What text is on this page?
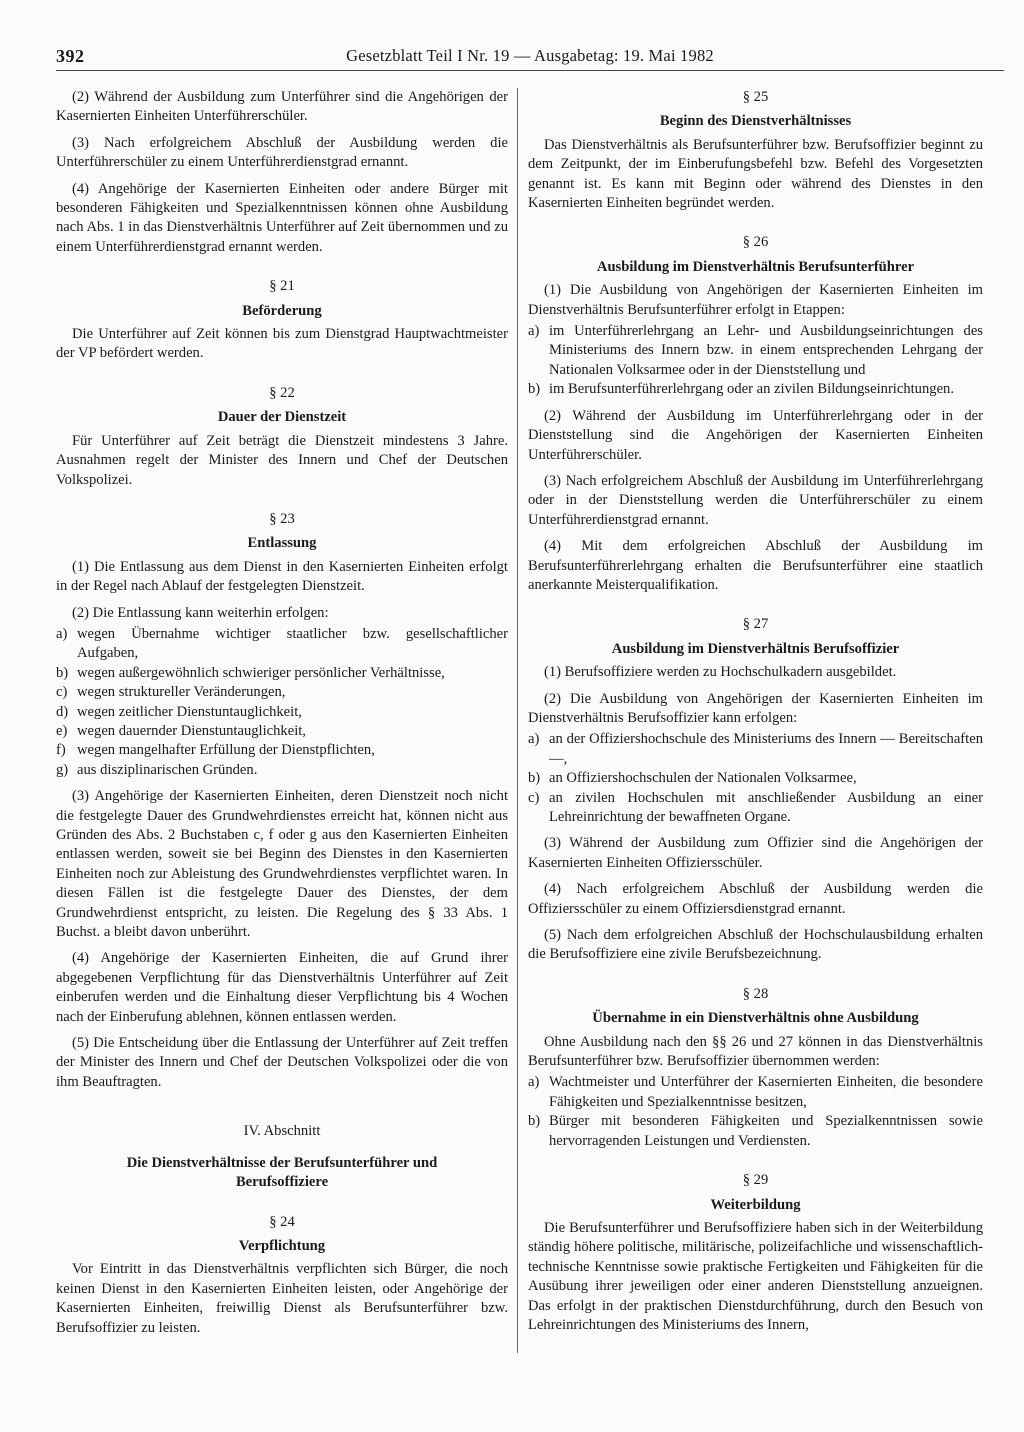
392	Gesetzblatt Teil I Nr. 19 — Ausgabetag: 19. Mai 1982

(2) Während der Ausbildung zum Unterführer sind die Angehörigen der Kasernierten Einheiten Unterführerschüler.

(3) Nach erfolgreichem Abschluß der Ausbildung werden die Unterführerschüler zu einem Unterführerdienstgrad ernannt.

(4) Angehörige der Kasernierten Einheiten oder andere Bürger mit besonderen Fähigkeiten und Spezialkenntnissen können ohne Ausbildung nach Abs. 1 in das Dienstverhältnis Unterführer auf Zeit übernommen und zu einem Unterführerdienstgrad ernannt werden.

§ 21

Beförderung

Die Unterführer auf Zeit können bis zum Dienstgrad Hauptwachtmeister der VP befördert werden.

§ 22

Dauer der Dienstzeit

Für Unterführer auf Zeit beträgt die Dienstzeit mindestens 3 Jahre. Ausnahmen regelt der Minister des Innern und Chef der Deutschen Volkspolizei.

§ 23

Entlassung

(1) Die Entlassung aus dem Dienst in den Kasernierten Einheiten erfolgt in der Regel nach Ablauf der festgelegten Dienstzeit.

(2) Die Entlassung kann weiterhin erfolgen:

a) wegen Übernahme wichtiger staatlicher bzw. gesellschaftlicher Aufgaben,
b) wegen außergewöhnlich schwieriger persönlicher Verhältnisse,
c) wegen struktureller Veränderungen,
d) wegen zeitlicher Dienstuntauglichkeit,
e) wegen dauernder Dienstuntauglichkeit,
f) wegen mangelhafter Erfüllung der Dienstpflichten,
g) aus disziplinarischen Gründen.

(3) Angehörige der Kasernierten Einheiten, deren Dienstzeit noch nicht die festgelegte Dauer des Grundwehrdienstes erreicht hat, können nicht aus Gründen des Abs. 2 Buchstaben c, f oder g aus den Kasernierten Einheiten entlassen werden, soweit sie bei Beginn des Dienstes in den Kasernierten Einheiten noch zur Ableistung des Grundwehrdienstes verpflichtet waren. In diesen Fällen ist die festgelegte Dauer des Dienstes, der dem Grundwehrdienst entspricht, zu leisten. Die Regelung des § 33 Abs. 1 Buchst. a bleibt davon unberührt.

(4) Angehörige der Kasernierten Einheiten, die auf Grund ihrer abgegebenen Verpflichtung für das Dienstverhältnis Unterführer auf Zeit einberufen werden und die Einhaltung dieser Verpflichtung bis 4 Wochen nach der Einberufung ablehnen, können entlassen werden.

(5) Die Entscheidung über die Entlassung der Unterführer auf Zeit treffen der Minister des Innern und Chef der Deutschen Volkspolizei oder die von ihm Beauftragten.

IV. Abschnitt

Die Dienstverhältnisse der Berufsunterführer und Berufsoffiziere

§ 24

Verpflichtung

Vor Eintritt in das Dienstverhältnis verpflichten sich Bürger, die noch keinen Dienst in den Kasernierten Einheiten leisten, oder Angehörige der Kasernierten Einheiten, freiwillig Dienst als Berufsunterführer bzw. Berufsoffizier zu leisten.

§ 25

Beginn des Dienstverhältnisses

Das Dienstverhältnis als Berufsunterführer bzw. Berufsoffizier beginnt zu dem Zeitpunkt, der im Einberufungsbefehl bzw. Befehl des Vorgesetzten genannt ist. Es kann mit Beginn oder während des Dienstes in den Kasernierten Einheiten begründet werden.

§ 26

Ausbildung im Dienstverhältnis Berufsunterführer

(1) Die Ausbildung von Angehörigen der Kasernierten Einheiten im Dienstverhältnis Berufsunterführer erfolgt in Etappen:

a) im Unterführerlehrgang an Lehr- und Ausbildungseinrichtungen des Ministeriums des Innern bzw. in einem entsprechenden Lehrgang der Nationalen Volksarmee oder in der Dienststellung und
b) im Berufsunterführerlehrgang oder an zivilen Bildungseinrichtungen.

(2) Während der Ausbildung im Unterführerlehrgang oder in der Dienststellung sind die Angehörigen der Kasernierten Einheiten Unterführerschüler.

(3) Nach erfolgreichem Abschluß der Ausbildung im Unterführerlehrgang oder in der Dienststellung werden die Unterführerschüler zu einem Unterführerdienstgrad ernannt.

(4) Mit dem erfolgreichen Abschluß der Ausbildung im Berufsunterführerlehrgang erhalten die Berufsunterführer eine staatlich anerkannte Meisterqualifikation.

§ 27

Ausbildung im Dienstverhältnis Berufsoffizier

(1) Berufsoffiziere werden zu Hochschulkadern ausgebildet.

(2) Die Ausbildung von Angehörigen der Kasernierten Einheiten im Dienstverhältnis Berufsoffizier kann erfolgen:

a) an der Offiziershochschule des Ministeriums des Innern — Bereitschaften —,
b) an Offiziershochschulen der Nationalen Volksarmee,
c) an zivilen Hochschulen mit anschließender Ausbildung an einer Lehreinrichtung der bewaffneten Organe.

(3) Während der Ausbildung zum Offizier sind die Angehörigen der Kasernierten Einheiten Offiziersschüler.

(4) Nach erfolgreichem Abschluß der Ausbildung werden die Offiziersschüler zu einem Offiziersdienstgrad ernannt.

(5) Nach dem erfolgreichen Abschluß der Hochschulausbildung erhalten die Berufsoffiziere eine zivile Berufsbezeichnung.

§ 28

Übernahme in ein Dienstverhältnis ohne Ausbildung

Ohne Ausbildung nach den §§ 26 und 27 können in das Dienstverhältnis Berufsunterführer bzw. Berufsoffizier übernommen werden:

a) Wachtmeister und Unterführer der Kasernierten Einheiten, die besondere Fähigkeiten und Spezialkenntnisse besitzen,
b) Bürger mit besonderen Fähigkeiten und Spezialkenntnissen sowie hervorragenden Leistungen und Verdiensten.

§ 29

Weiterbildung

Die Berufsunterführer und Berufsoffiziere haben sich in der Weiterbildung ständig höhere politische, militärische, polizeifachliche und wissenschaftlich-technische Kenntnisse sowie praktische Fertigkeiten und Fähigkeiten für die Ausübung ihrer jeweiligen oder einer anderen Dienststellung anzueignen. Das erfolgt in der praktischen Dienstdurchführung, durch den Besuch von Lehreinrichtungen des Ministeriums des Innern,
